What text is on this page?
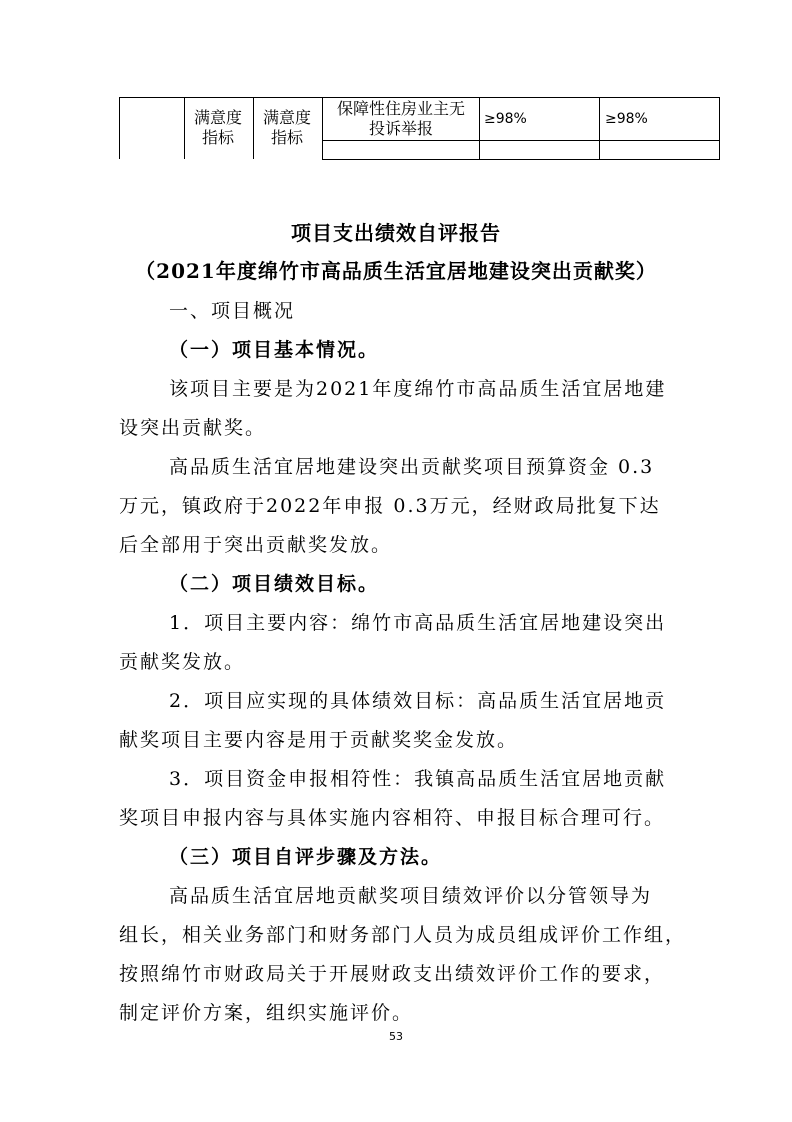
满意度指标
满意度指标
保障性住房业主无投诉举报	≥98%	≥98%
项目支出绩效自评报告
（2021年度绵竹市高品质生活宜居地建设突出贡献奖）
一、项目概况
（一）项目基本情况。
该项目主要是为2021年度绵竹市高品质生活宜居地建
设突出贡献奖。
高品质生活宜居地建设突出贡献奖项目预算资金 0.3
万元，镇政府于2022年申报 0.3万元，经财政局批复下达
后全部用于突出贡献奖发放。
（二）项目绩效目标。
1．项目主要内容：绵竹市高品质生活宜居地建设突出
贡献奖发放。
2．项目应实现的具体绩效目标：高品质生活宜居地贡
献奖项目主要内容是用于贡献奖奖金发放。
3．项目资金申报相符性：我镇高品质生活宜居地贡献
奖项目申报内容与具体实施内容相符、申报目标合理可行。
（三）项目自评步骤及方法。
高品质生活宜居地贡献奖项目绩效评价以分管领导为
组长，相关业务部门和财务部门人员为成员组成评价工作组，
按照绵竹市财政局关于开展财政支出绩效评价工作的要求，
制定评价方案，组织实施评价。
53
